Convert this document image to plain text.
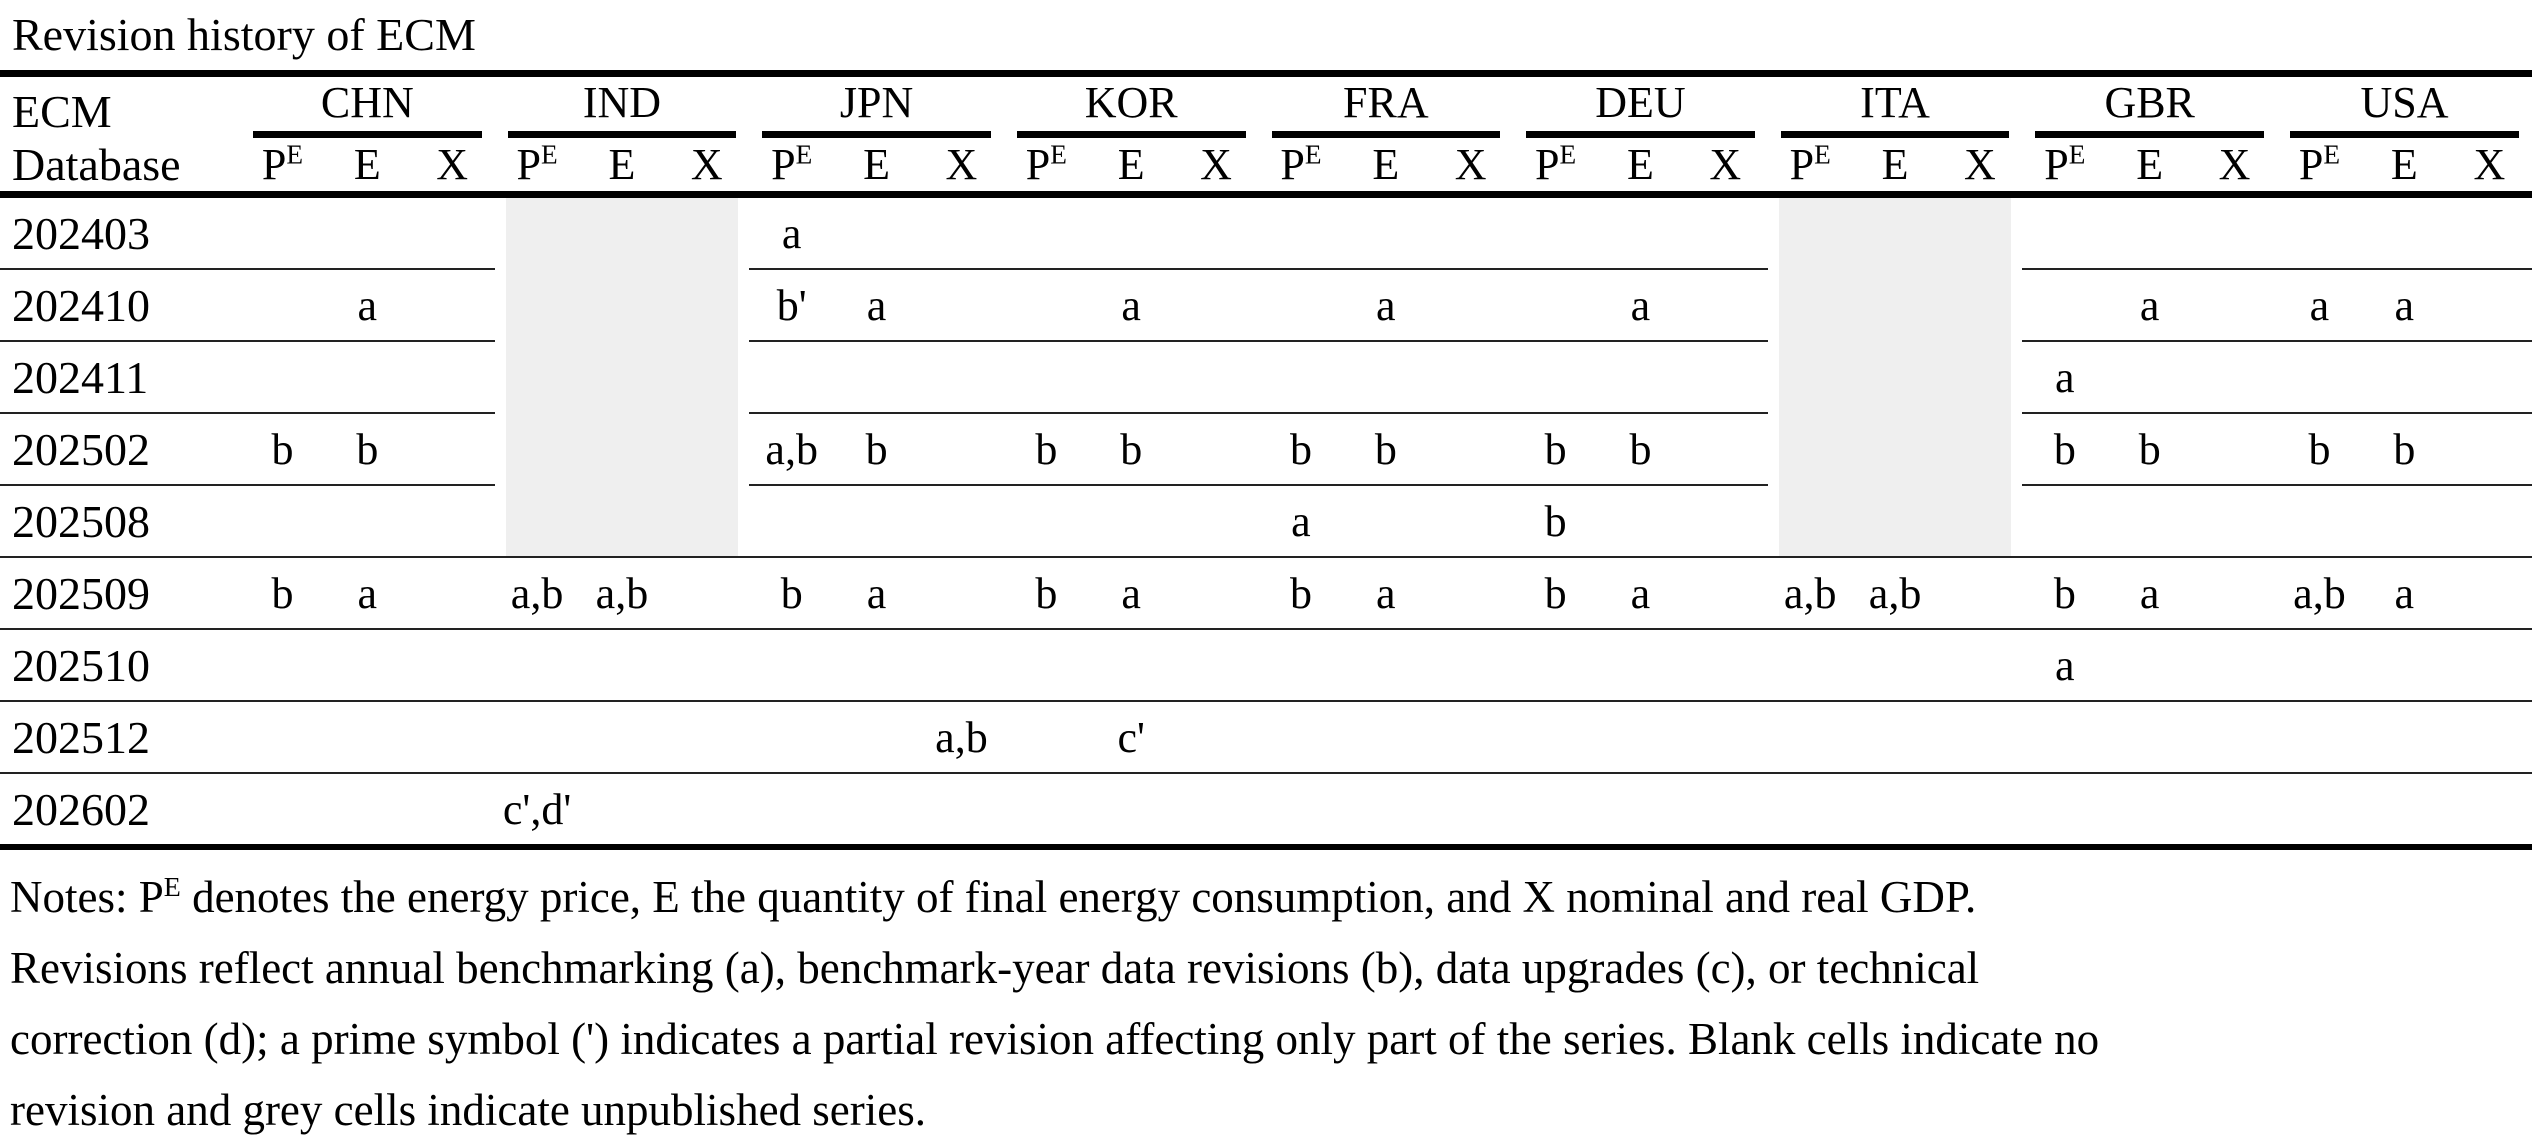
Revision history of ECM
ECM	CHN			IND			JPN			KOR			FRA			DEU			ITA			GBR			USA		

Database	$P^E$	E	X	$P^E$	E	X	$P^E$	E	X	$P^E$	E	X	$P^E$	E	X	$P^E$	E	X	$P^E$	E	X	$P^E$	E	X	$P^E$	E	X
202403							a																				
202410		a					b'	a			a			a			a						a		a	a	
202411																						a					
202502	b	b					a,b	b		b	b		b	b		b	b					b	b		b	b	
202508													a			b											
202509	b	a		a,b	a,b		b	a		b	a		b	a		b	a		a,b	a,b		b	a		a,b	a	
202510																						a					
202512									a,b		c'																
202602				c',d'																							
Notes: $P^E$ denotes the energy price, E the quantity of final energy consumption, and X nominal and real GDP.
Revisions reflect annual benchmarking (a), benchmark-year data revisions (b), data upgrades (c), or technical
correction (d); a prime symbol (') indicates a partial revision affecting only part of the series. Blank cells indicate no
revision and grey cells indicate unpublished series.
